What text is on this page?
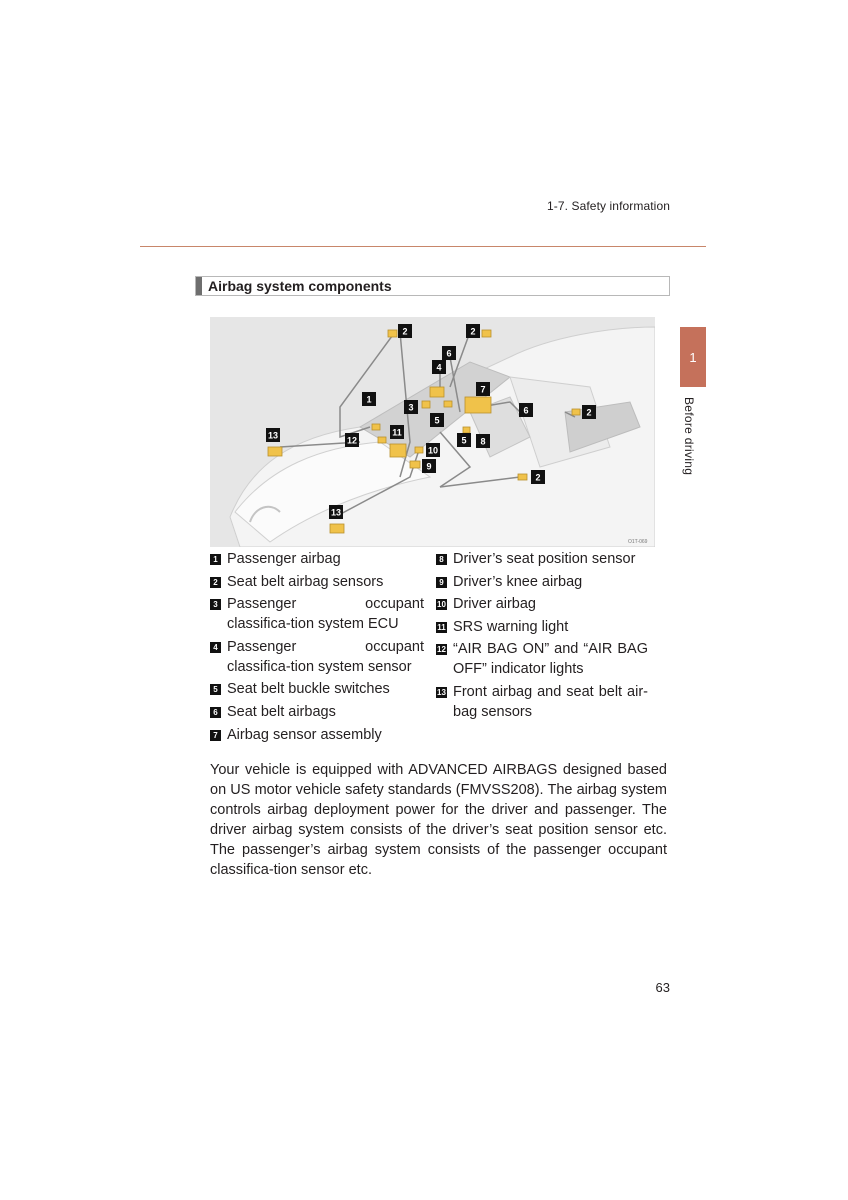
1-7. Safety information
1
Before driving
Airbag system components
2	2
6
4
7
1
3	6	2
5
13	11
12	5 8
10
9
2
13
O1T-069
1 Passenger airbag
2 Seat belt airbag sensors
3 Passenger occupant classifica-tion system ECU
4 Passenger occupant classifica-tion system sensor
5 Seat belt buckle switches
6 Seat belt airbags
7 Airbag sensor assembly
8 Driver’s seat position sensor
9 Driver’s knee airbag
10 Driver airbag
11 SRS warning light
12 “AIR BAG ON” and “AIR BAG OFF” indicator lights
13 Front airbag and seat belt air-bag sensors
Your vehicle is equipped with ADVANCED AIRBAGS designed based on US motor vehicle safety standards (FMVSS208). The airbag system controls airbag deployment power for the driver and passenger. The driver airbag system consists of the driver’s seat position sensor etc. The passenger’s airbag system consists of the passenger occupant classifica-tion sensor etc.
63
